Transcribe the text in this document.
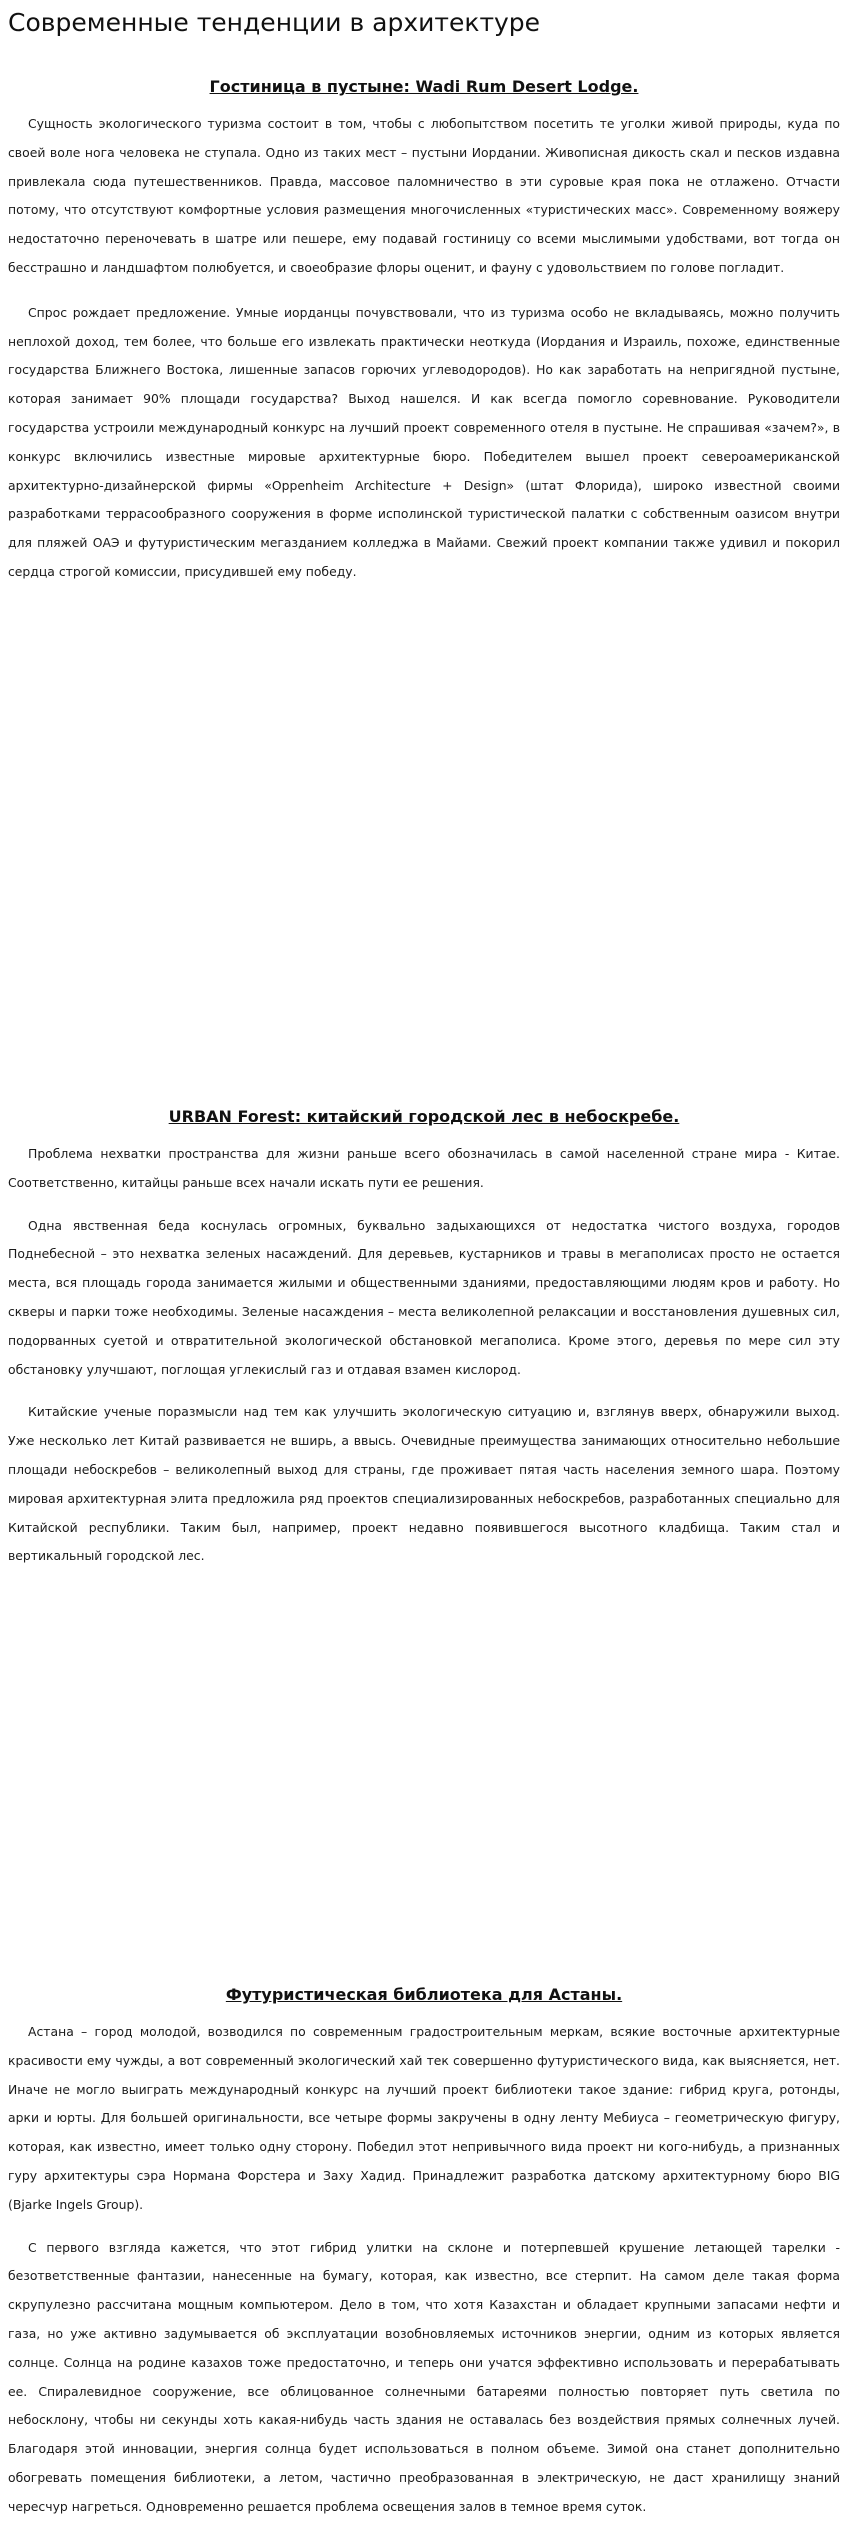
Современные тенденции в архитектуре
Гостиница в пустыне: Wadi Rum Desert Lodge.

Сущность экологического туризма состоит в том, чтобы с любопытством посетить те уголки живой природы, куда по своей воле нога человека не ступала. Одно из таких мест – пустыни Иордании. Живописная дикость скал и песков издавна привлекала сюда путешественников. Правда, массовое паломничество в эти суровые края пока не отлажено. Отчасти потому, что отсутствуют комфортные условия размещения многочисленных «туристических масс». Современному вояжеру недостаточно переночевать в шатре или пешере, ему подавай гостиницу со всеми мыслимыми удобствами, вот тогда он бесстрашно и ландшафтом полюбуется, и своеобразие флоры оценит, и фауну с удовольствием по голове погладит.

Спрос рождает предложение. Умные иорданцы почувствовали, что из туризма особо не вкладываясь, можно получить неплохой доход, тем более, что больше его извлекать практически неоткуда (Иордания и Израиль, похоже, единственные государства Ближнего Востока, лишенные запасов горючих углеводородов). Но как заработать на непригядной пустыне, которая занимает 90% площади государства? Выход нашелся. И как всегда помогло соревнование. Руководители государства устроили международный конкурс на лучший проект современного отеля в пустыне. Не спрашивая «зачем?», в конкурс включились известные мировые архитектурные бюро. Победителем вышел проект североамериканской архитектурно-дизайнерской фирмы «Oppenheim Architecture + Design» (штат Флорида), широко известной своими разработками террасообразного сооружения в форме исполинской туристической палатки с собственным оазисом внутри для пляжей ОАЭ и футуристическим мегазданием колледжа в Майами. Свежий проект компании также удивил и покорил сердца строгой комиссии, присудившей ему победу.

URBAN Forest: китайский городской лес в небоскребе.

Проблема нехватки пространства для жизни раньше всего обозначилась в самой населенной стране мира - Китае. Соответственно, китайцы раньше всех начали искать пути ее решения.

Одна явственная беда коснулась огромных, буквально задыхающихся от недостатка чистого воздуха, городов Поднебесной – это нехватка зеленых насаждений. Для деревьев, кустарников и травы в мегаполисах просто не остается места, вся площадь города занимается жилыми и общественными зданиями, предоставляющими людям кров и работу. Но скверы и парки тоже необходимы. Зеленые насаждения – места великолепной релаксации и восстановления душевных сил, подорванных суетой и отвратительной экологической обстановкой мегаполиса. Кроме этого, деревья по мере сил эту обстановку улучшают, поглощая углекислый газ и отдавая взамен кислород.

Китайские ученые поразмысли над тем как улучшить экологическую ситуацию и, взглянув вверх, обнаружили выход. Уже несколько лет Китай развивается не вширь, а ввысь. Очевидные преимущества занимающих относительно небольшие площади небоскребов – великолепный выход для страны, где проживает пятая часть населения земного шара. Поэтому мировая архитектурная элита предложила ряд проектов специализированных небоскребов, разработанных специально для Китайской республики. Таким был, например, проект недавно появившегося высотного кладбища. Таким стал и вертикальный городской лес.

Футуристическая библиотека для Астаны.

Астана – город молодой, возводился по современным градостроительным меркам, всякие восточные архитектурные красивости ему чужды, а вот современный экологический хай тек совершенно футуристического вида, как выясняется, нет. Иначе не могло выиграть международный конкурс на лучший проект библиотеки такое здание: гибрид круга, ротонды, арки и юрты. Для большей оригинальности, все четыре формы закручены в одну ленту Мебиуса – геометрическую фигуру, которая, как известно, имеет только одну сторону. Победил этот непривычного вида проект ни кого-нибудь, а признанных гуру архитектуры сэра Нормана Форстера и Заху Хадид. Принадлежит разработка датскому архитектурному бюро BIG (Bjarke Ingels Group).

С первого взгляда кажется, что этот гибрид улитки на склоне и потерпевшей крушение летающей тарелки - безответственные фантазии, нанесенные на бумагу, которая, как известно, все стерпит. На самом деле такая форма скрупулезно рассчитана мощным компьютером. Дело в том, что хотя Казахстан и обладает крупными запасами нефти и газа, но уже активно задумывается об эксплуатации возобновляемых источников энергии, одним из которых является солнце. Солнца на родине казахов тоже предостаточно, и теперь они учатся эффективно использовать и перерабатывать ее. Спиралевидное сооружение, все облицованное солнечными батареями полностью повторяет путь светила по небосклону, чтобы ни секунды хоть какая-нибудь часть здания не оставалась без воздействия прямых солнечных лучей. Благодаря этой инновации, энергия солнца будет использоваться в полном объеме. Зимой она станет дополнительно обогревать помещения библиотеки, а летом, частично преобразованная в электрическую, не даст хранилищу знаний чересчур нагреться. Одновременно решается проблема освещения залов в темное время суток.
